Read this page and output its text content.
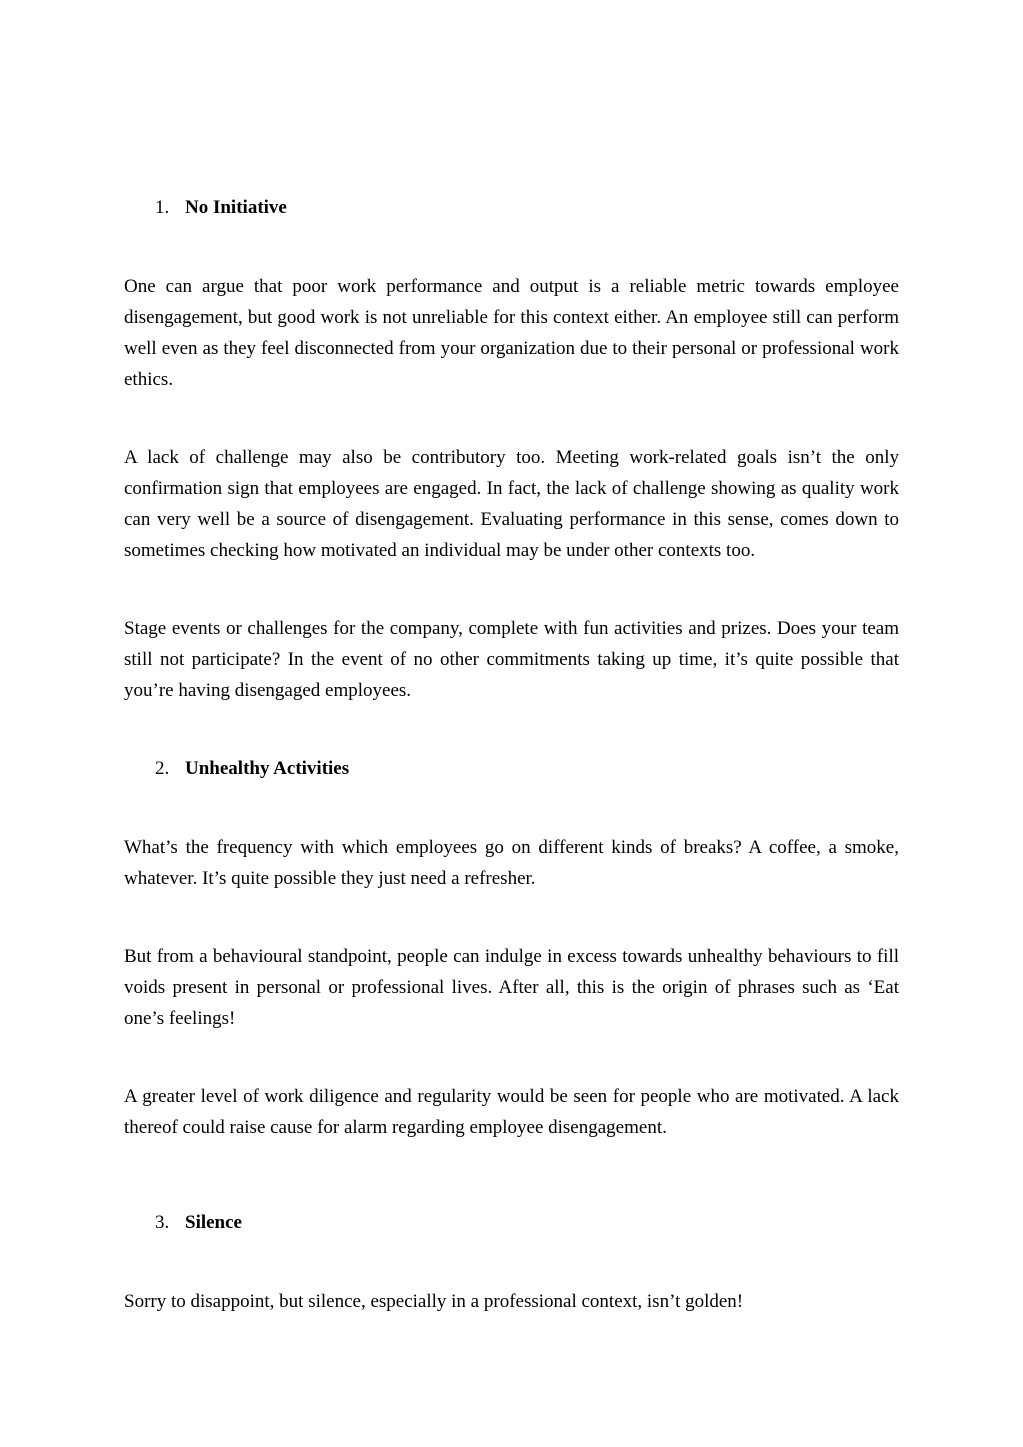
1. No Initiative

One can argue that poor work performance and output is a reliable metric towards employee disengagement, but good work is not unreliable for this context either. An employee still can perform well even as they feel disconnected from your organization due to their personal or professional work ethics.

A lack of challenge may also be contributory too. Meeting work-related goals isn’t the only confirmation sign that employees are engaged. In fact, the lack of challenge showing as quality work can very well be a source of disengagement. Evaluating performance in this sense, comes down to sometimes checking how motivated an individual may be under other contexts too.

Stage events or challenges for the company, complete with fun activities and prizes. Does your team still not participate? In the event of no other commitments taking up time, it’s quite possible that you’re having disengaged employees.

2. Unhealthy Activities

What’s the frequency with which employees go on different kinds of breaks? A coffee, a smoke, whatever. It’s quite possible they just need a refresher.

But from a behavioural standpoint, people can indulge in excess towards unhealthy behaviours to fill voids present in personal or professional lives. After all, this is the origin of phrases such as ‘Eat one’s feelings!

A greater level of work diligence and regularity would be seen for people who are motivated. A lack thereof could raise cause for alarm regarding employee disengagement.

3. Silence

Sorry to disappoint, but silence, especially in a professional context, isn’t golden!
